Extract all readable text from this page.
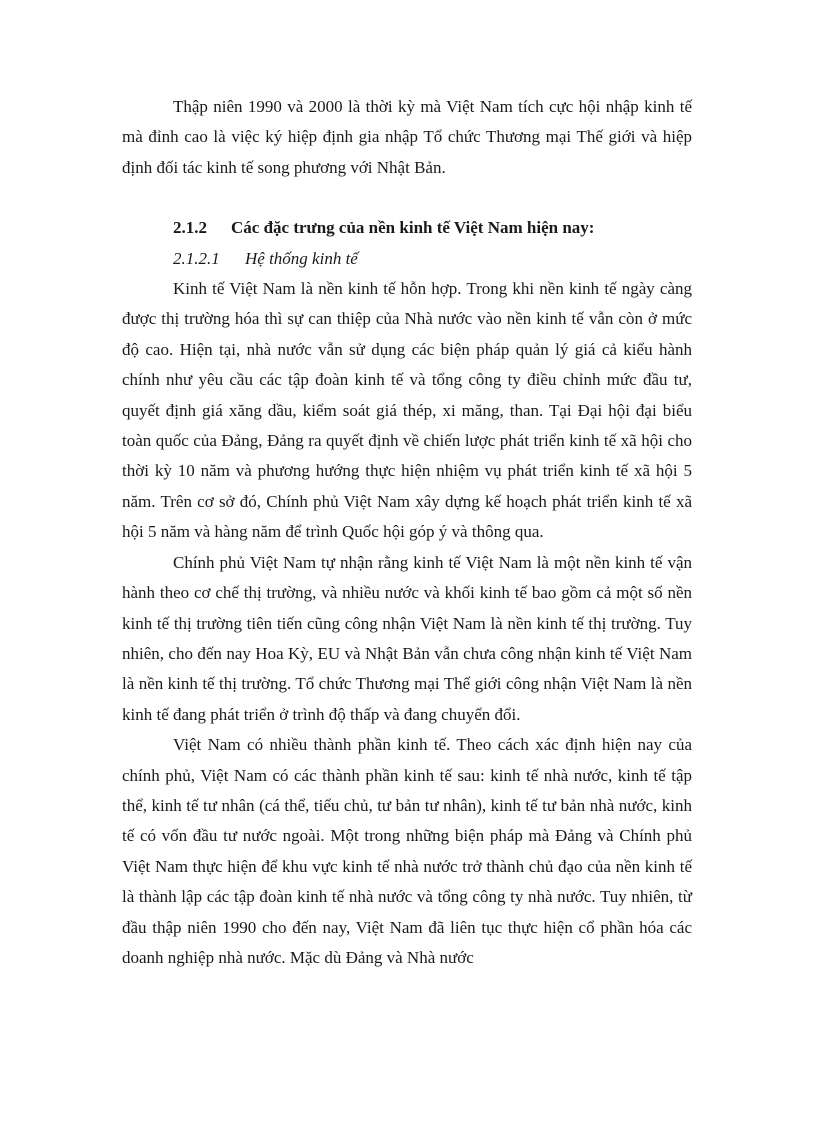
Thập niên 1990 và 2000 là thời kỳ mà Việt Nam tích cực hội nhập kinh tế mà đỉnh cao là việc ký hiệp định gia nhập Tổ chức Thương mại Thế giới và hiệp định đối tác kinh tế song phương với Nhật Bản.

2.1.2 Các đặc trưng của nền kinh tế Việt Nam hiện nay:

2.1.2.1 Hệ thống kinh tế

Kinh tế Việt Nam là nền kinh tế hỗn hợp. Trong khi nền kinh tế ngày càng được thị trường hóa thì sự can thiệp của Nhà nước vào nền kinh tế vẫn còn ở mức độ cao. Hiện tại, nhà nước vẫn sử dụng các biện pháp quản lý giá cả kiểu hành chính như yêu cầu các tập đoàn kinh tế và tổng công ty điều chỉnh mức đầu tư, quyết định giá xăng dầu, kiểm soát giá thép, xi măng, than. Tại Đại hội đại biểu toàn quốc của Đảng, Đảng ra quyết định về chiến lược phát triển kinh tế xã hội cho thời kỳ 10 năm và phương hướng thực hiện nhiệm vụ phát triển kinh tế xã hội 5 năm. Trên cơ sở đó, Chính phủ Việt Nam xây dựng kế hoạch phát triển kinh tế xã hội 5 năm và hàng năm để trình Quốc hội góp ý và thông qua.

Chính phủ Việt Nam tự nhận rằng kinh tế Việt Nam là một nền kinh tế vận hành theo cơ chế thị trường, và nhiều nước và khối kinh tế bao gồm cả một số nền kinh tế thị trường tiên tiến cũng công nhận Việt Nam là nền kinh tế thị trường. Tuy nhiên, cho đến nay Hoa Kỳ, EU và Nhật Bản vẫn chưa công nhận kinh tế Việt Nam là nền kinh tế thị trường. Tổ chức Thương mại Thế giới công nhận Việt Nam là nền kinh tế đang phát triển ở trình độ thấp và đang chuyển đổi.

Việt Nam có nhiều thành phần kinh tế. Theo cách xác định hiện nay của chính phủ, Việt Nam có các thành phần kinh tế sau: kinh tế nhà nước, kinh tế tập thể, kinh tế tư nhân (cá thể, tiểu chủ, tư bản tư nhân), kinh tế tư bản nhà nước, kinh tế có vốn đầu tư nước ngoài. Một trong những biện pháp mà Đảng và Chính phủ Việt Nam thực hiện để khu vực kinh tế nhà nước trở thành chủ đạo của nền kinh tế là thành lập các tập đoàn kinh tế nhà nước và tổng công ty nhà nước. Tuy nhiên, từ đầu thập niên 1990 cho đến nay, Việt Nam đã liên tục thực hiện cổ phần hóa các doanh nghiệp nhà nước. Mặc dù Đảng và Nhà nước
